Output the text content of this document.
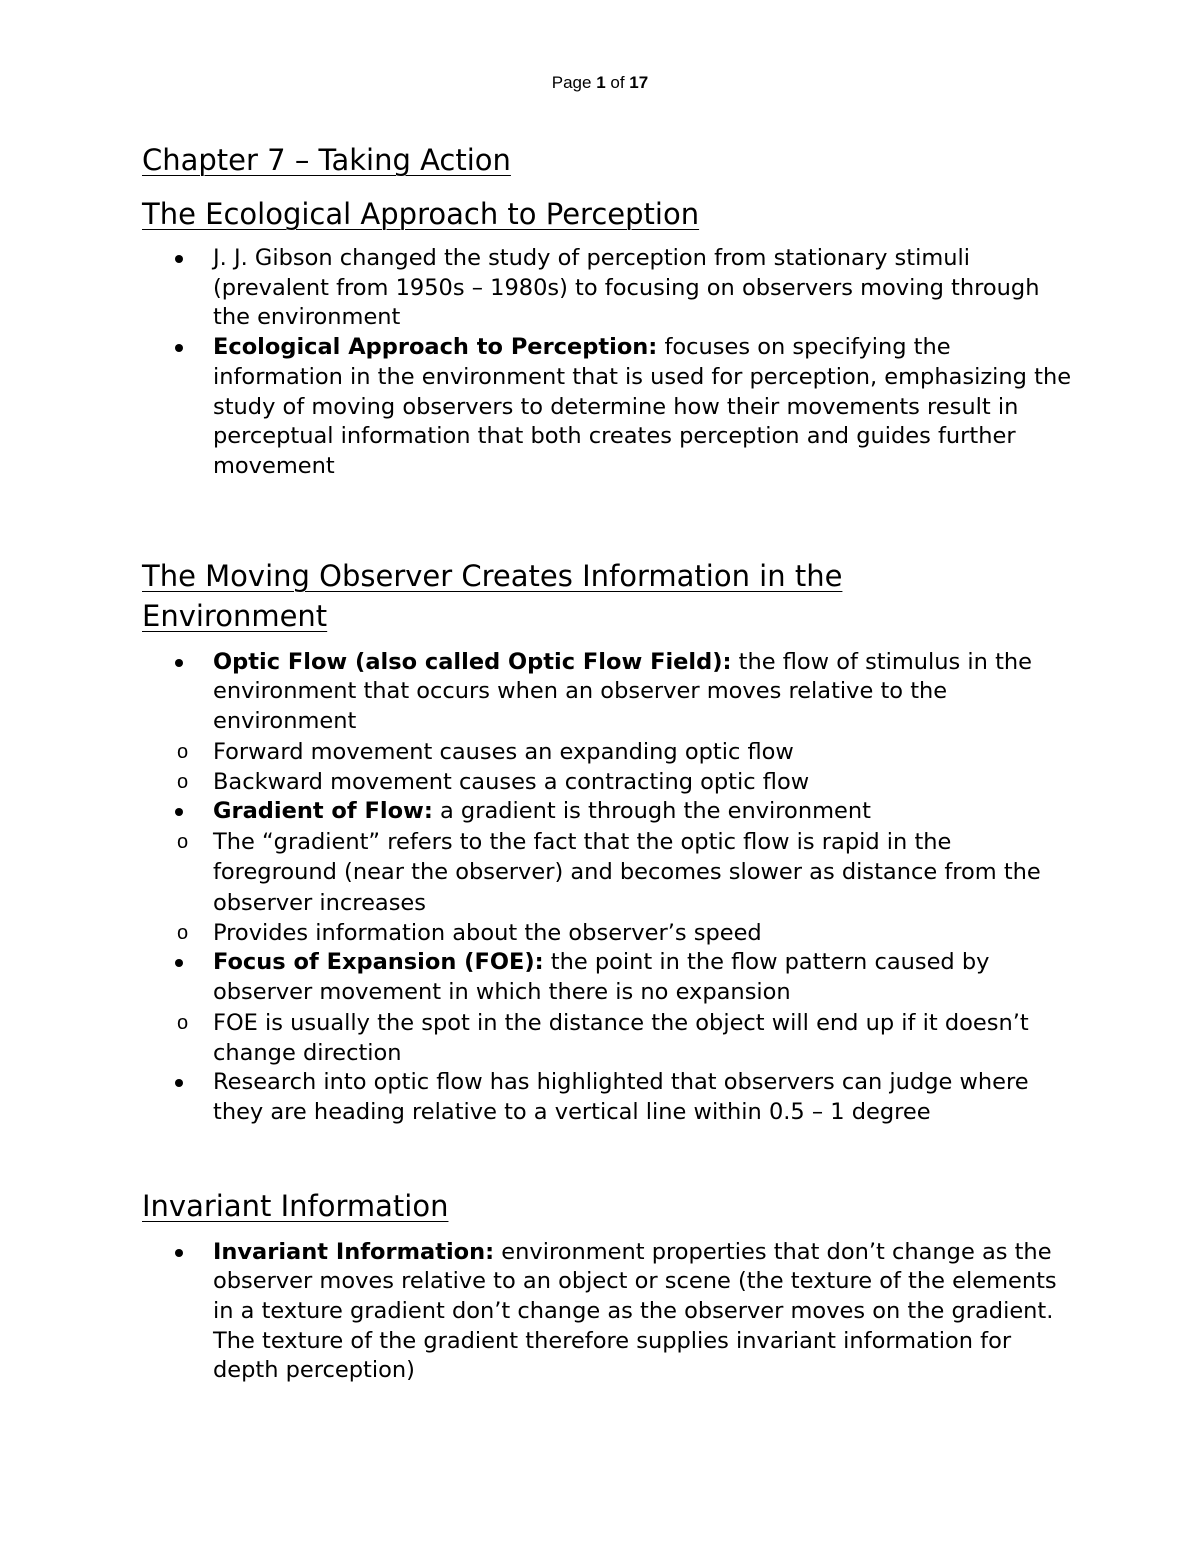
Page 1 of 17
Chapter 7 – Taking Action
The Ecological Approach to Perception
J. J. Gibson changed the study of perception from stationary stimuli (prevalent from 1950s – 1980s) to focusing on observers moving through the environment
Ecological Approach to Perception: focuses on specifying the information in the environment that is used for perception, emphasizing the study of moving observers to determine how their movements result in perceptual information that both creates perception and guides further movement
The Moving Observer Creates Information in the Environment
Optic Flow (also called Optic Flow Field): the flow of stimulus in the environment that occurs when an observer moves relative to the environment
o Forward movement causes an expanding optic flow
o Backward movement causes a contracting optic flow
Gradient of Flow: a gradient is through the environment
o The “gradient” refers to the fact that the optic flow is rapid in the foreground (near the observer) and becomes slower as distance from the observer increases
o Provides information about the observer’s speed
Focus of Expansion (FOE): the point in the flow pattern caused by observer movement in which there is no expansion
o FOE is usually the spot in the distance the object will end up if it doesn’t change direction
Research into optic flow has highlighted that observers can judge where they are heading relative to a vertical line within 0.5 – 1 degree
Invariant Information
Invariant Information: environment properties that don’t change as the observer moves relative to an object or scene (the texture of the elements in a texture gradient don’t change as the observer moves on the gradient. The texture of the gradient therefore supplies invariant information for depth perception)
